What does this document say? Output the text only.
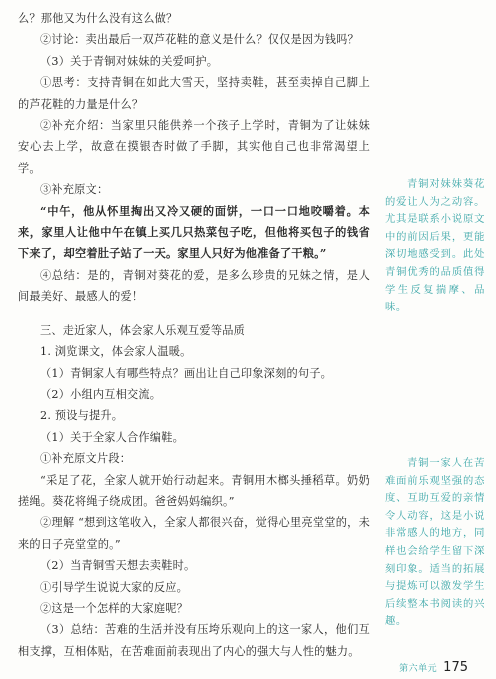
么？那他又为什么没有这么做？
②讨论：卖出最后一双芦花鞋的意义是什么？仅仅是因为钱吗？
（3）关于青铜对妹妹的关爱呵护。
①思考：支持青铜在如此大雪天，坚持卖鞋，甚至卖掉自己脚上的芦花鞋的力量是什么？
②补充介绍：当家里只能供养一个孩子上学时，青铜为了让妹妹安心去上学，故意在摸银杏时做了手脚，其实他自己也非常渴望上学。
③补充原文：
“中午，他从怀里掏出又冷又硬的面饼，一口一口地咬嚼着。本来，家里人让他中午在镇上买几只热菜包子吃，但他将买包子的钱省下来了，却空着肚子站了一天。家里人只好为他准备了干粮。”
④总结：是的，青铜对葵花的爱，是多么珍贵的兄妹之情，是人间最美好、最感人的爱！
三、走近家人，体会家人乐观互爱等品质
1. 浏览课文，体会家人温暖。
（1）青铜家人有哪些特点？画出让自己印象深刻的句子。
（2）小组内互相交流。
2. 预设与提升。
（1）关于全家人合作编鞋。
①补充原文片段：
“采足了花，全家人就开始行动起来。青铜用木榔头捶稻草。奶奶搓绳。葵花将绳子绕成团。爸爸妈妈编织。”
②理解 “想到这笔收入，全家人都很兴奋，觉得心里亮堂堂的，未来的日子亮堂堂的。”
（2）当青铜雪天想去卖鞋时。
①引导学生说说大家的反应。
②这是一个怎样的大家庭呢？
（3）总结：苦难的生活并没有压垮乐观向上的这一家人，他们互相支撑，互相体贴，在苦难面前表现出了内心的强大与人性的魅力。
青铜对妹妹葵花的爱让人为之动容。尤其是联系小说原文中的前因后果，更能深切地感受到。此处青铜优秀的品质值得学生反复揣摩、品味。
青铜一家人在苦难面前乐观坚强的态度、互助互爱的亲情令人动容，这是小说非常感人的地方，同样也会给学生留下深刻印象。适当的拓展与提炼可以激发学生后续整本书阅读的兴趣。
第六单元 175
